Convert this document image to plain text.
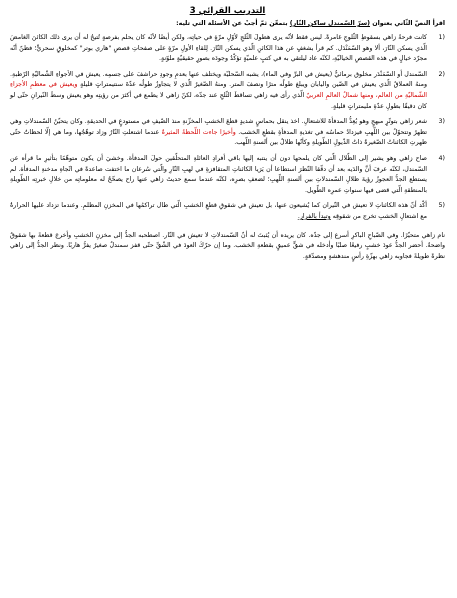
التدريب القرائي 3
اقرأ النصّ الثّاني بعنوان (سرّ السّمندل ساكن النّار) بتمعّن ثمّ أجبْ عن الأسئلة التي تليه:
(1
كانت فرحةُ زاهي بسقوطِ الثّلوجِ غامرةً. ليس فقط لأنّه يرى هطولَ الثّلجِ لأوّلِ مرّةٍ في حياتِه، ولكن أيضًا لأنّه كان يحلم بفرصةٍ تُتيحُ له أن يرى ذلك الكائنَ الغامضَ الّذي يسكن النّارَ، ألا وهو السّمَنْدَل. كم قرأ بشغفٍ عن هذا الكائنِ الّذي يسكن النّارَ. لِلقاءِ الأولِ مرّةٍ على صفحاتِ قصصِ "هاري بوتر" كمخلوقٍ سحريٍّ؛ فظنّ أنّه مجرّد خيالٍ في هذه القصصِ الخياليّةِ، لكنّه عاد ليلتقي به في كتبٍ علميّةٍ تؤكّدُ وجودَه بصورٍ حقيقيّةٍ ملوّنةٍ.
(2
السّمندل أو السّمَنْدَر مخلوق برمائيٌّ (يعيش في البرِّ وفي الماء)، يشبه السّحليّة ويختلف عنها بعدمِ وجودِ حراشفَ على جسمِه. يعيش في الأجواءِ الشّماليّةِ الرّطبةِ. ومنهُ العملاقُ الّذي يعيش في الصّين واليابان ويبلغ طولُه مترًا ونصفَ المتر. ومنهُ الصّغيرُ الّذي لا يتجاوزُ طولُه عدّةَ سنتيمتراتٍ قليلةٍ ويعيش في معظمِ الأجزاءِ الشّماليّةِ من العالم، ومنها شمالُ العالمِ العربيّ الّذي رأى فيه زاهي تساقطَ الثّلجِ عند جدّه، لكنّ زاهي لا يطمع في أكثرَ من رؤيتِه وهو يعيش وسطَ النّيرانِ حتّى لو كان دقيقًا بطولِ عدّةِ مليمتراتٍ قليلةٍ.
(3
شعر زاهي بتوتّرٍ مبهجٍ وهو يُعِدُّ المدفأةَ للاشتعالِ. اخذ ينقل بحماسٍ شديدٍ قطعَ الخشبِ المخزّنةِ منذ الصّيفِ في مستودعٍ في الحديقةِ. وكان يتحيّنُ السّمندلاتِ وهي تظهرُ وتتحوّلُ بين اللّهبِ فيزدادُ حماسُه في تغذيةِ المدفأةِ بقطعِ الخشب. وأخيرًا جاءت اللّحظةُ المثيرةُ عندما اشتعلتِ النّارُ وزاد توهّجُها، وما هي إلّا لحظاتٌ حتّى ظهرتِ الكائناتُ الصّغيرةُ ذاتُ الذّيولِ الطّويلةِ وكأنّها ظلالٌ بين ألسنةِ اللّهب.
(4
صاح زاهي وهو يشير إلى الظّلال الّتي كان يلمحها دون أن ينتبه إليها باقي أفرادِ العائلةِ المتحلّقين حولَ المدفأة. وخشيَ أن يكون متوهّمًا بتأثيرِ ما قرأه عن السّمندل، لكنّه عرفَ أنَّ والدَيه بعد أن دقّقا النّظرَ استطاعا أن يَرَيا الكائناتِ المتقافزةِ في لهبِ النّارِ والّتي سُرعان ما اختفت صاعدةً في اتّجاهِ مدخنةِ المدفأة. لم يستطع الجدُّ العجوزُ رؤيةَ ظلالِ السّمندلاتِ بين ألسنةِ اللّهبِ؛ لضعفِ بصرِه، لكنّه عندما سمع حديثَ زاهي عنها راح يصحّحُ له معلوماتِه من خلالِ خبرتِه الطّويلةِ بالمنطقةِ الّتي قضى فيها سنواتِ عمرِه الطّويل.
(5
أكّد أنّ هذه الكائناتِ لا تعيش في النّيران كما يُشيعون عنها، بل تعيش في شقوقِ قطعِ الخشبِ الّتي طال تراكمُها في المخزنِ المظلمِ. وعندما تزداد عليها الحرارةُ مع اشتعالِ الخشبِ تخرج من شقوقِه وتبدأ بالفرار.
نام زاهي متحيّرًا. وفي الصّباحِ الباكرِ أسرع إلى جدّه. كان يريده أن يُثبتَ له أنّ السّمندلاتِ لا تعيش في النّار. اصطحبه الجدُّ إلى مخزنِ الخشبِ وأخرجَ قطعةً بها شقوقٌ واضحةٌ. أحضر الجدُّ عودَ خشبٍ رفيعًا صلبًا وأدخله في شقٍّ عميقٍ بقطعةِ الخشب. وما إن حرّكَ العودَ في الشّقِّ حتّى قفز سمندلٌ صغيرٌ يفرُّ هاربًا. ونظر الجدُّ إلى زاهي نظرةً طويلةً فجاوبه زاهي بهزّةِ رأسٍ مندهشةٍ ومصدّقةٍ.
